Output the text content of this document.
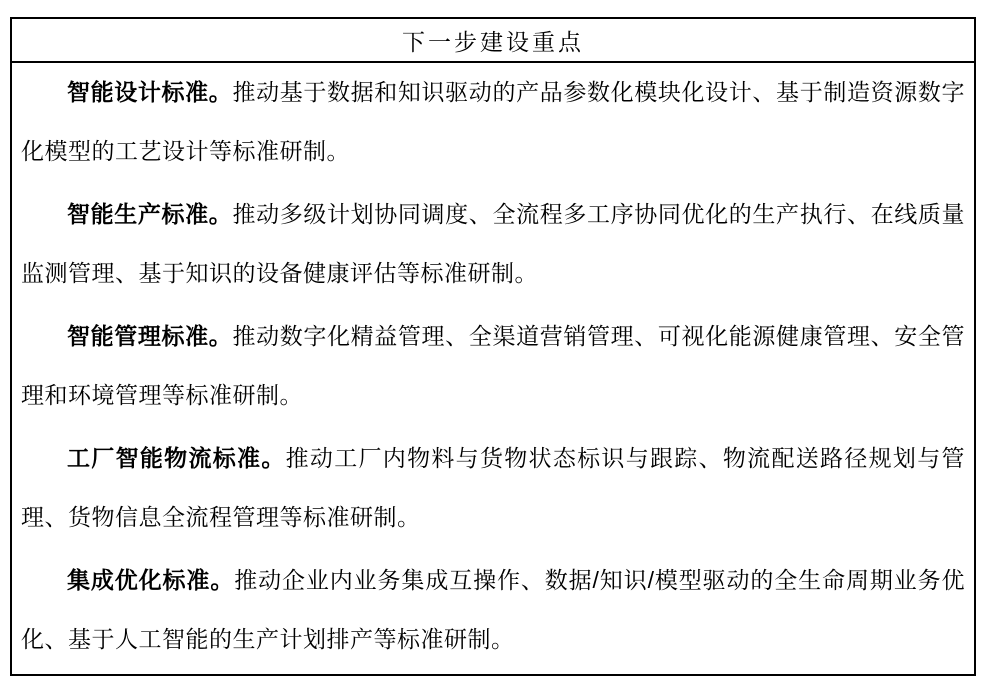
下一步建设重点

智能设计标准。推动基于数据和知识驱动的产品参数化模块化设计、基于制造资源数字化模型的工艺设计等标准研制。

智能生产标准。推动多级计划协同调度、全流程多工序协同优化的生产执行、在线质量监测管理、基于知识的设备健康评估等标准研制。

智能管理标准。推动数字化精益管理、全渠道营销管理、可视化能源健康管理、安全管理和环境管理等标准研制。

工厂智能物流标准。推动工厂内物料与货物状态标识与跟踪、物流配送路径规划与管理、货物信息全流程管理等标准研制。

集成优化标准。推动企业内业务集成互操作、数据/知识/模型驱动的全生命周期业务优化、基于人工智能的生产计划排产等标准研制。
